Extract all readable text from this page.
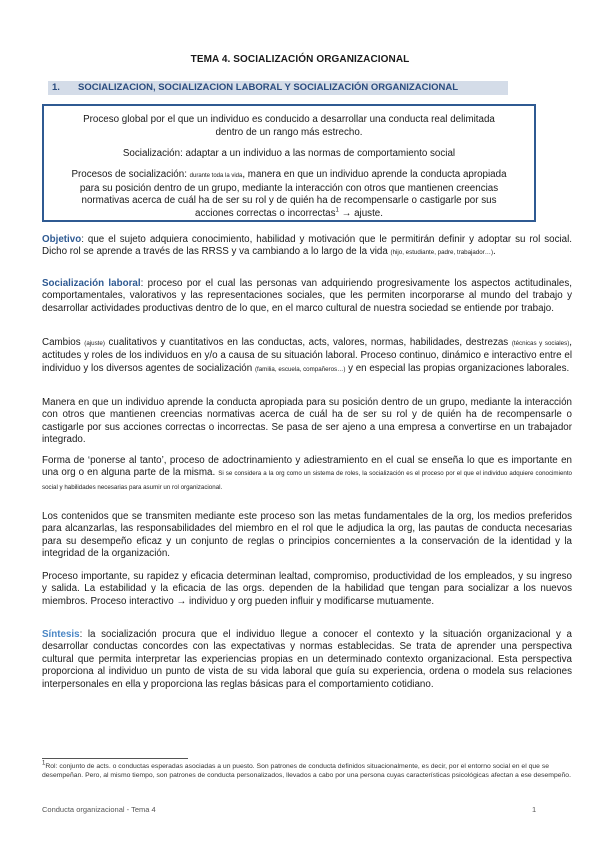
TEMA 4. SOCIALIZACIÓN ORGANIZACIONAL
1. SOCIALIZACION, SOCIALIZACION LABORAL Y SOCIALIZACIÓN ORGANIZACIONAL

Proceso global por el que un individuo es conducido a desarrollar una conducta real delimitada dentro de un rango más estrecho.

Socialización: adaptar a un individuo a las normas de comportamiento social

Procesos de socialización: durante toda la vida, manera en que un individuo aprende la conducta apropiada para su posición dentro de un grupo, mediante la interacción con otros que mantienen creencias normativas acerca de cuál ha de ser su rol y de quién ha de recompensarle o castigarle por sus acciones correctas o incorrectas$^1$ → ajuste.

Objetivo: que el sujeto adquiera conocimiento, habilidad y motivación que le permitirán definir y adoptar su rol social. Dicho rol se aprende a través de las RRSS y va cambiando a lo largo de la vida (hijo, estudiante, padre, trabajador…).

Socialización laboral: proceso por el cual las personas van adquiriendo progresivamente los aspectos actitudinales, comportamentales, valorativos y las representaciones sociales, que les permiten incorporarse al mundo del trabajo y desarrollar actividades productivas dentro de lo que, en el marco cultural de nuestra sociedad se entiende por trabajo.

Cambios (ajuste) cualitativos y cuantitativos en las conductas, acts, valores, normas, habilidades, destrezas (técnicas y sociales), actitudes y roles de los individuos en y/o a causa de su situación laboral. Proceso continuo, dinámico e interactivo entre el individuo y los diversos agentes de socialización (familia, escuela, compañeros…) y en especial las propias organizaciones laborales.

Manera en que un individuo aprende la conducta apropiada para su posición dentro de un grupo, mediante la interacción con otros que mantienen creencias normativas acerca de cuál ha de ser su rol y de quién ha de recompensarle o castigarle por sus acciones correctas o incorrectas. Se pasa de ser ajeno a una empresa a convertirse en un trabajador integrado.

Forma de ‘ponerse al tanto’, proceso de adoctrinamiento y adiestramiento en el cual se enseña lo que es importante en una org o en alguna parte de la misma. Si se considera a la org como un sistema de roles, la socialización es el proceso por el que el individuo adquiere conocimiento social y habilidades necesarias para asumir un rol organizacional.

Los contenidos que se transmiten mediante este proceso son las metas fundamentales de la org, los medios preferidos para alcanzarlas, las responsabilidades del miembro en el rol que le adjudica la org, las pautas de conducta necesarias para su desempeño eficaz y un conjunto de reglas o principios concernientes a la conservación de la identidad y la integridad de la organización.

Proceso importante, su rapidez y eficacia determinan lealtad, compromiso, productividad de los empleados, y su ingreso y salida. La estabilidad y la eficacia de las orgs. dependen de la habilidad que tengan para socializar a los nuevos miembros. Proceso interactivo → individuo y org pueden influir y modificarse mutuamente.

Síntesis: la socialización procura que el individuo llegue a conocer el contexto y la situación organizacional y a desarrollar conductas concordes con las expectativas y normas establecidas. Se trata de aprender una perspectiva cultural que permita interpretar las experiencias propias en un determinado contexto organizacional. Esta perspectiva proporciona al individuo un punto de vista de su vida laboral que guía su experiencia, ordena o modela sus relaciones interpersonales en ella y proporciona las reglas básicas para el comportamiento cotidiano.

$^1$Rol: conjunto de acts. o conductas esperadas asociadas a un puesto. Son patrones de conducta definidos situacionalmente, es decir, por el entorno social en el que se desempeñan. Pero, al mismo tiempo, son patrones de conducta personalizados, llevados a cabo por una persona cuyas características psicológicas afectan a ese desempeño.

Conducta organizacional - Tema 4	1
